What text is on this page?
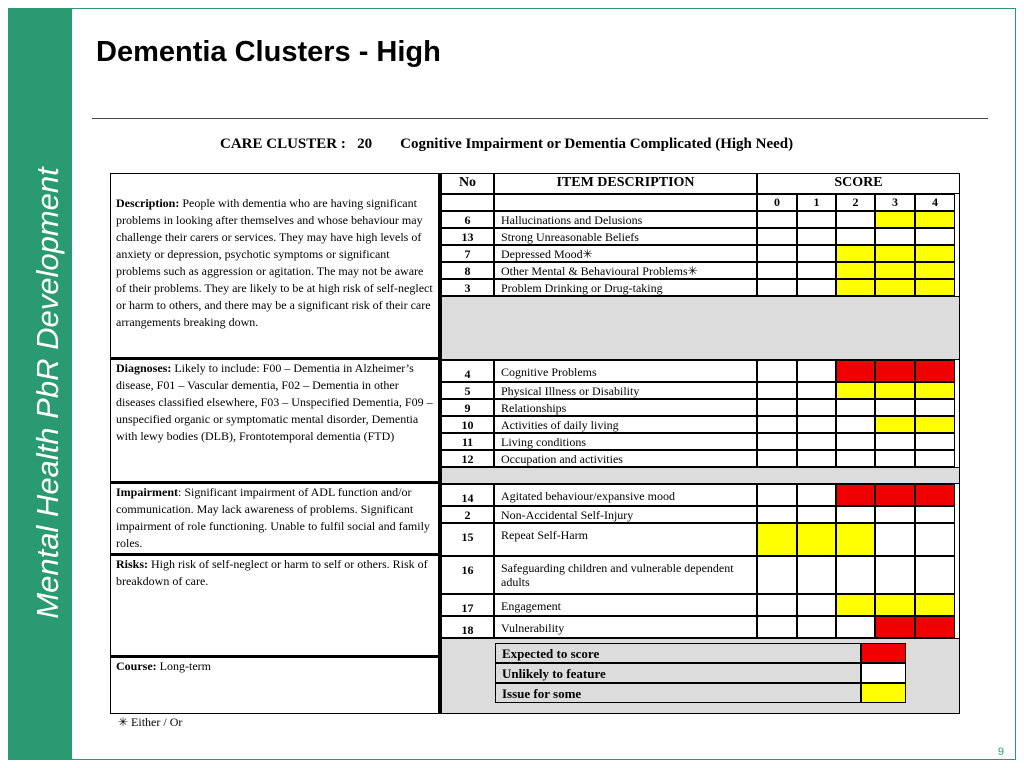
Mental Health PbR Development
Dementia Clusters - High
CARE CLUSTER :   20 Cognitive Impairment or Dementia Complicated (High Need)
No	ITEM DESCRIPTION	SCORE
0	1	2	3	4
Description: People with dementia who are having significant problems in looking after themselves and whose behaviour may challenge their carers or services. They may have high levels of anxiety or depression, psychotic symptoms or significant problems such as aggression or agitation. The may not be aware of their problems. They are likely to be at high risk of self-neglect or harm to others, and there may be a significant risk of their care arrangements breaking down.
Diagnoses: Likely to include: F00 – Dementia in Alzheimer’s disease, F01 – Vascular dementia, F02 – Dementia in other diseases classified elsewhere, F03 – Unspecified Dementia, F09 – unspecified organic or symptomatic mental disorder, Dementia with lewy bodies (DLB), Frontotemporal dementia (FTD)
Impairment: Significant impairment of ADL function and/or communication. May lack awareness of problems. Significant impairment of role functioning. Unable to fulfil social and family roles.
Risks: High risk of self-neglect or harm to self or others. Risk of breakdown of care.
Course: Long-term
6	Hallucinations and Delusions
13	Strong Unreasonable Beliefs
7	Depressed Mood✳
8	Other Mental & Behavioural Problems✳
3	Problem Drinking or Drug-taking
4	Cognitive Problems
5	Physical Illness or Disability
9	Relationships
10	Activities of daily living
11	Living conditions
12	Occupation and activities
14	Agitated behaviour/expansive mood
2	Non-Accidental Self-Injury
15	Repeat Self-Harm
16	Safeguarding children and vulnerable dependent adults
17	Engagement
18	Vulnerability
Expected to score
Unlikely to feature
Issue for some
✳ Either / Or
9
